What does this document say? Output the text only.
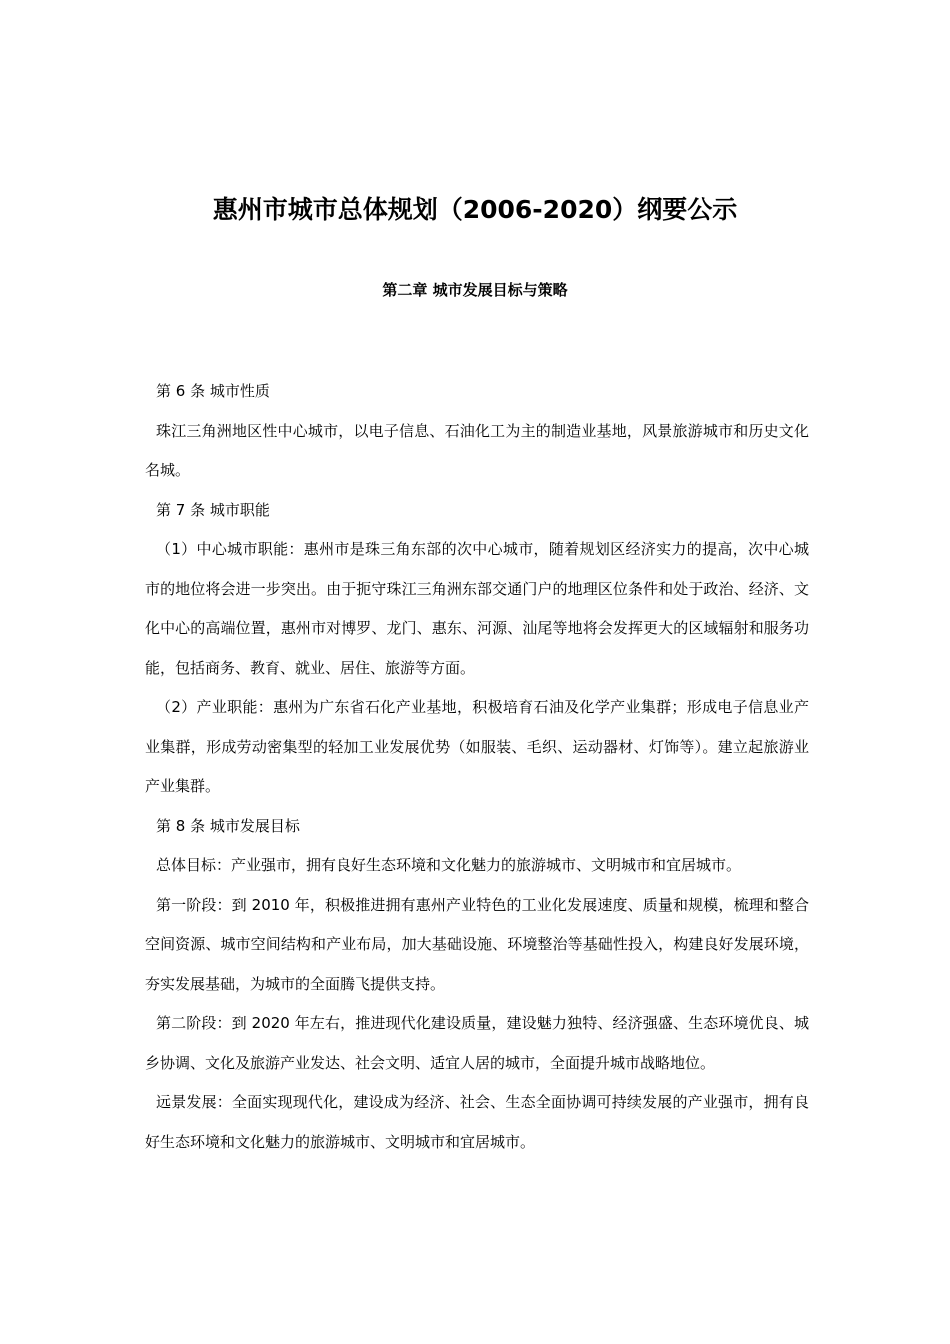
惠州市城市总体规划（2006-2020）纲要公示
第二章 城市发展目标与策略

第 6 条 城市性质

珠江三角洲地区性中心城市，以电子信息、石油化工为主的制造业基地，风景旅游城市和历史文化名城。

第 7 条 城市职能

（1）中心城市职能：惠州市是珠三角东部的次中心城市，随着规划区经济实力的提高，次中心城市的地位将会进一步突出。由于扼守珠江三角洲东部交通门户的地理区位条件和处于政治、经济、文化中心的高端位置，惠州市对博罗、龙门、惠东、河源、汕尾等地将会发挥更大的区域辐射和服务功能，包括商务、教育、就业、居住、旅游等方面。

（2）产业职能：惠州为广东省石化产业基地，积极培育石油及化学产业集群；形成电子信息业产业集群，形成劳动密集型的轻加工业发展优势（如服装、毛织、运动器材、灯饰等）。建立起旅游业产业集群。

第 8 条 城市发展目标

总体目标：产业强市，拥有良好生态环境和文化魅力的旅游城市、文明城市和宜居城市。

第一阶段：到 2010 年，积极推进拥有惠州产业特色的工业化发展速度、质量和规模，梳理和整合空间资源、城市空间结构和产业布局，加大基础设施、环境整治等基础性投入，构建良好发展环境，夯实发展基础，为城市的全面腾飞提供支持。

第二阶段：到 2020 年左右，推进现代化建设质量，建设魅力独特、经济强盛、生态环境优良、城乡协调、文化及旅游产业发达、社会文明、适宜人居的城市，全面提升城市战略地位。

远景发展：全面实现现代化，建设成为经济、社会、生态全面协调可持续发展的产业强市，拥有良好生态环境和文化魅力的旅游城市、文明城市和宜居城市。
